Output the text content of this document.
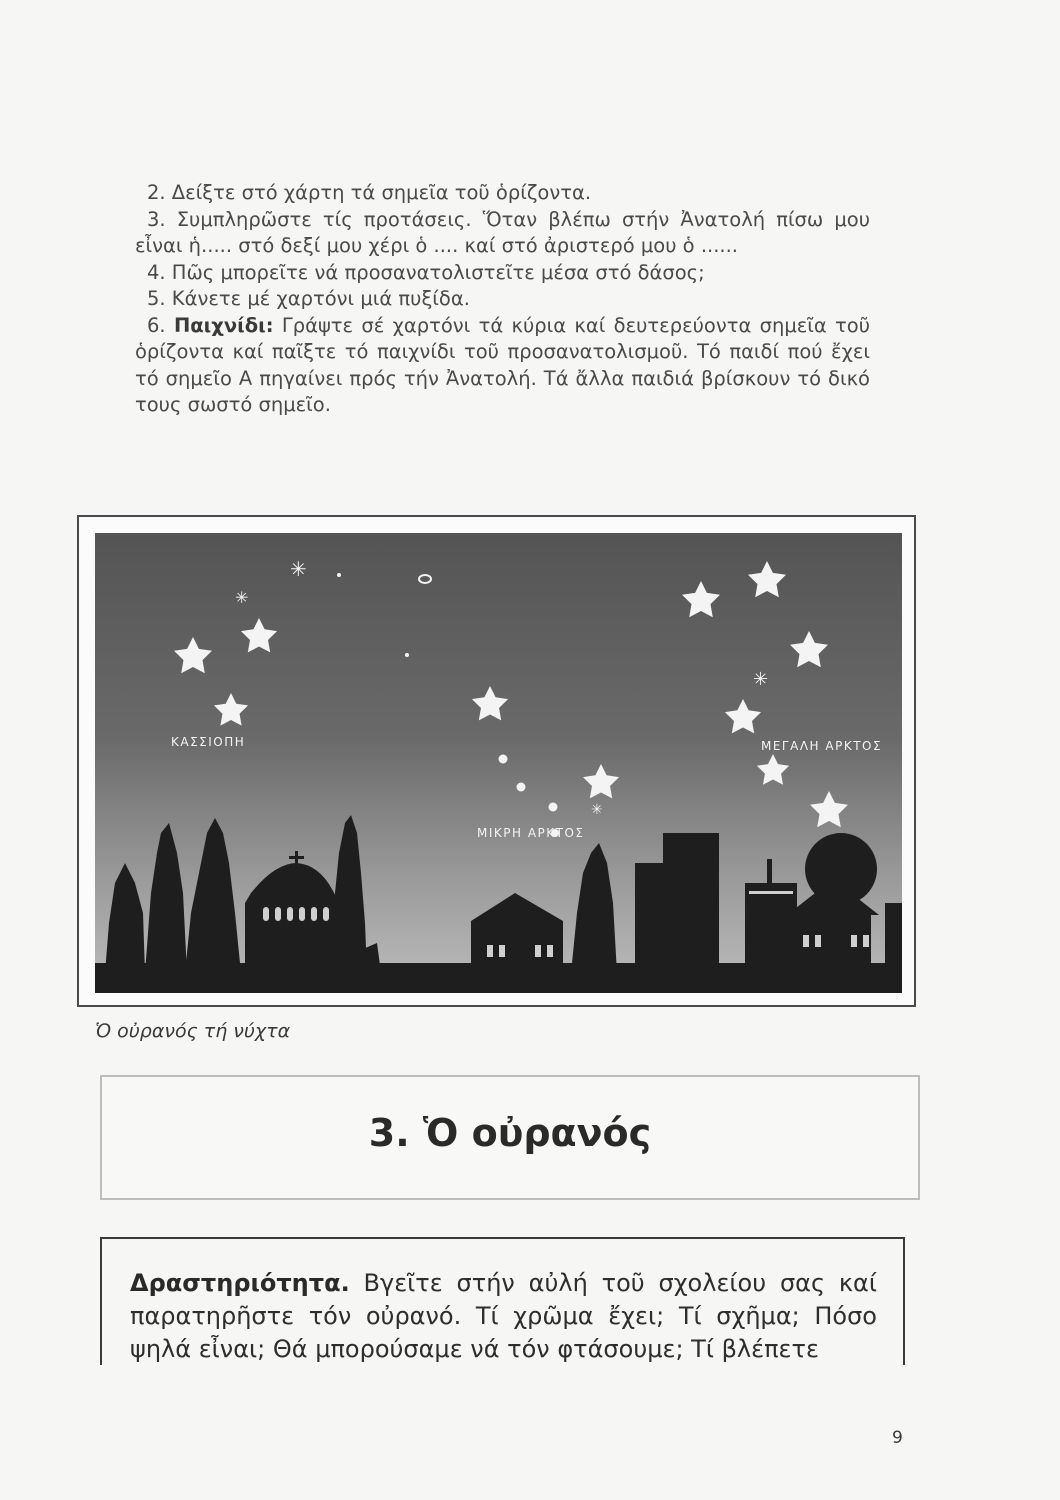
2. Δείξτε στό χάρτη τά σημεῖα τοῦ ὁρίζοντα.

3. Συμπληρῶστε τίς προτάσεις. Ὅταν βλέπω στήν Ἀνατολή πίσω μου εἶναι ἡ..... στό δεξί μου χέρι ὁ .... καί στό ἀριστερό μου ὁ ......

4. Πῶς μπορεῖτε νά προσανατολιστεῖτε μέσα στό δάσος;

5. Κάνετε μέ χαρτόνι μιά πυξίδα.

6. Παιχνίδι: Γράψτε σέ χαρτόνι τά κύρια καί δευτερεύοντα σημεῖα τοῦ ὁρίζοντα καί παῖξτε τό παιχνίδι τοῦ προσανατολισμοῦ. Τό παιδί πού ἔχει τό σημεῖο Α πηγαίνει πρός τήν Ἀνατολή. Τά ἄλλα παιδιά βρίσκουν τό δικό τους σωστό σημεῖο.

✳
✳
✳
✳
ΚΑΣΣΙΟΠΗ	ΜΕΓΑΛΗ ΑΡΚΤΟΣ
ΜΙΚΡΗ ΑΡΚΤΟΣ
Ὁ οὐρανός τή νύχτα
3. Ὁ οὐρανός

Δραστηριότητα. Βγεῖτε στήν αὐλή τοῦ σχολείου σας καί παρατηρῆστε τόν οὐρανό. Τί χρῶμα ἔχει; Τί σχῆμα; Πόσο ψηλά εἶναι; Θά μπορούσαμε νά τόν φτάσουμε; Τί βλέπετε

9
